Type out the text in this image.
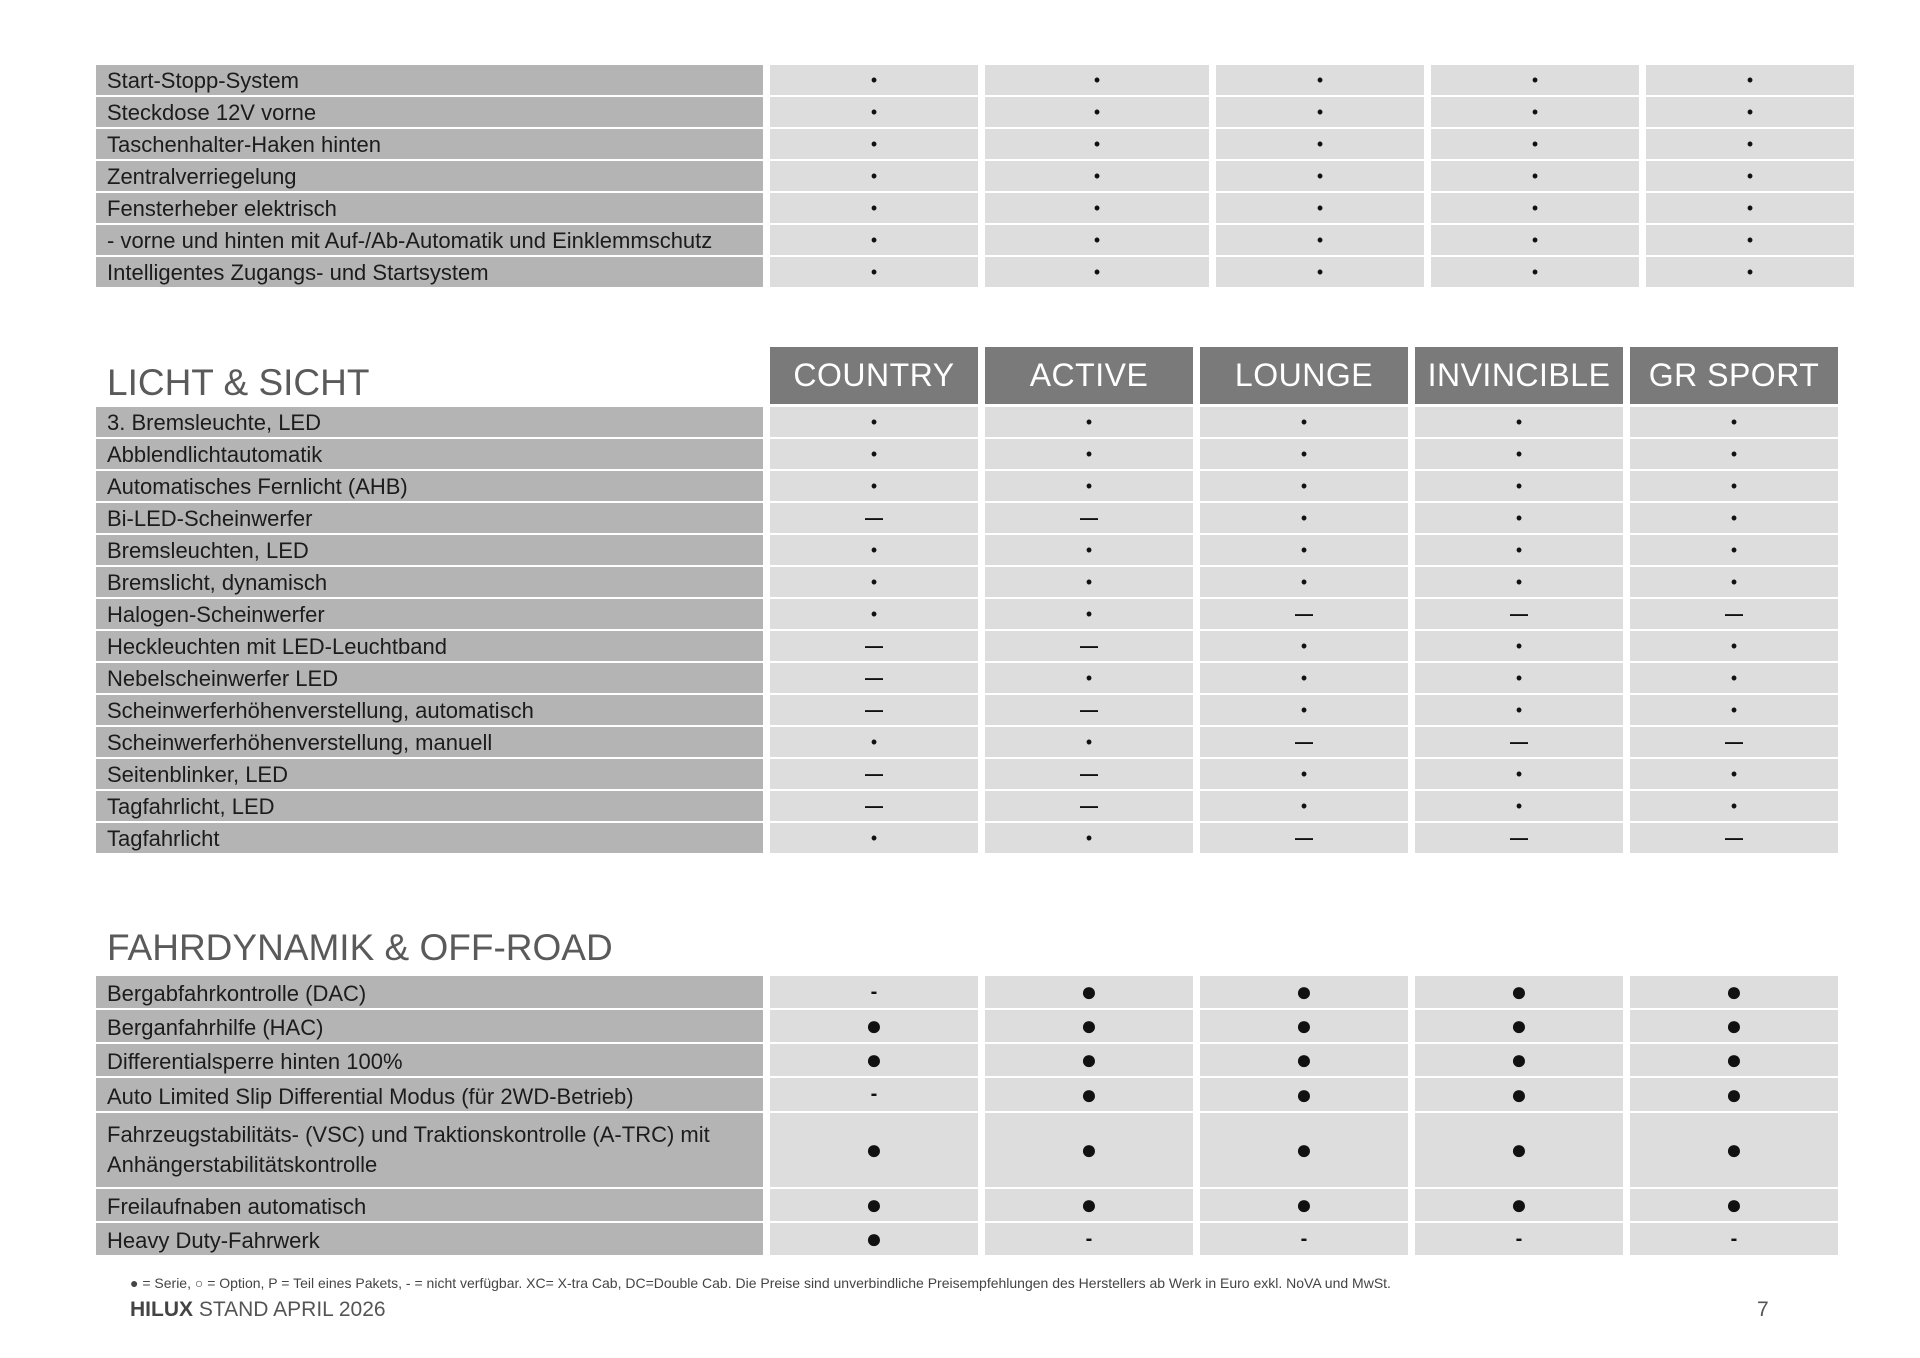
Start-Stopp-System	•	•	•	•	•
Steckdose 12V vorne	•	•	•	•	•
Taschenhalter-Haken hinten	•	•	•	•	•
Zentralverriegelung	•	•	•	•	•
Fensterheber elektrisch	•	•	•	•	•
- vorne und hinten mit Auf-/Ab-Automatik und Einklemmschutz	•	•	•	•	•
Intelligentes Zugangs- und Startsystem	•	•	•	•	•
LICHT & SICHT	COUNTRY	ACTIVE	LOUNGE	INVINCIBLE	GR SPORT
3. Bremsleuchte, LED	•	•	•	•	•
Abblendlichtautomatik	•	•	•	•	•
Automatisches Fernlicht (AHB)	•	•	•	•	•
Bi-LED-Scheinwerfer	—	—	•	•	•
Bremsleuchten, LED	•	•	•	•	•
Bremslicht, dynamisch	•	•	•	•	•
Halogen-Scheinwerfer	•	•	—	—	—
Heckleuchten mit LED-Leuchtband	—	—	•	•	•
Nebelscheinwerfer LED	—	•	•	•	•
Scheinwerferhöhenverstellung, automatisch	—	—	•	•	•
Scheinwerferhöhenverstellung, manuell	•	•	—	—	—
Seitenblinker, LED	—	—	•	•	•
Tagfahrlicht, LED	—	—	•	•	•
Tagfahrlicht	•	•	—	—	—
FAHRDYNAMIK & OFF-ROAD
Bergabfahrkontrolle (DAC)	-	●	●	●	●
Berganfahrhilfe (HAC)	●	●	●	●	●
Differentialsperre hinten 100%	●	●	●	●	●
Auto Limited Slip Differential Modus (für 2WD-Betrieb)	-	●	●	●	●
Fahrzeugstabilitäts- (VSC) und Traktionskontrolle (A-TRC) mit Anhängerstabilitätskontrolle	●	●	●	●	●
Freilaufnaben automatisch	●	●	●	●	●
Heavy Duty-Fahrwerk	●	-	-	-	-
● = Serie, ○ = Option, P = Teil eines Pakets, - = nicht verfügbar. XC= X-tra Cab, DC=Double Cab. Die Preise sind unverbindliche Preisempfehlungen des Herstellers ab Werk in Euro exkl. NoVA und MwSt.
HILUX STAND APRIL 2026	7
